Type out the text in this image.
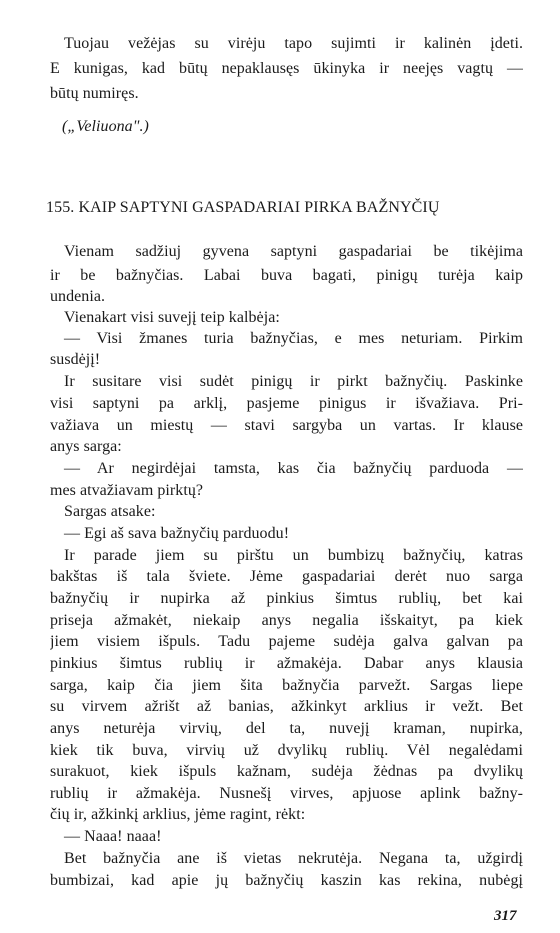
Tuojau vežėjas su virėju tapo sujimti ir kalinėn įdeti.
E kunigas, kad būtų nepaklausęs ūkinyka ir neejęs vagtų —
būtų numiręs.
(„Veliuona".)
155. KAIP SAPTYNI GASPADARIAI PIRKA BAŽNYČIŲ
Vienam sadžiuj gyvena saptyni gaspadariai be tikėjima
ir be bažnyčias. Labai buva bagati, pinigų turėja kaip
undenia.
Vienakart visi suvejį teip kalbėja:
— Visi žmanes turia bažnyčias, e mes neturiam. Pirkim
susdėjį!
Ir susitare visi sudėt pinigų ir pirkt bažnyčių. Paskinke
visi saptyni pa arklį, pasjeme pinigus ir išvažiava. Pri-
važiava un miestų — stavi sargyba un vartas. Ir klause
anys sarga:
— Ar negirdėjai tamsta, kas čia bažnyčių parduoda —
mes atvažiavam pirktų?
Sargas atsake:
— Egi aš sava bažnyčių parduodu!
Ir parade jiem su pirštu un bumbizų bažnyčių, katras
bakštas iš tala šviete. Jėme gaspadariai derėt nuo sarga
bažnyčių ir nupirka až pinkius šimtus rublių, bet kai
priseja ažmakėt, niekaip anys negalia išskaityt, pa kiek
jiem visiem išpuls. Tadu pajeme sudėja galva galvan pa
pinkius šimtus rublių ir ažmakėja. Dabar anys klausia
sarga, kaip čia jiem šita bažnyčia parvežt. Sargas liepe
su virvem ažrišt až banias, ažkinkyt arklius ir vežt. Bet
anys neturėja virvių, del ta, nuvejį kraman, nupirka,
kiek tik buva, virvių už dvylikų rublių. Vėl negalėdami
surakuot, kiek išpuls kažnam, sudėja žėdnas pa dvylikų
rublių ir ažmakėja. Nusnešį virves, apjuose aplink bažny-
čių ir, ažkinkį arklius, jėme ragint, rėkt:
— Naaa! naaa!
Bet bažnyčia ane iš vietas nekrutėja. Negana ta, užgirdį
bumbizai, kad apie jų bažnyčių kaszin kas rekina, nubėgį
317
